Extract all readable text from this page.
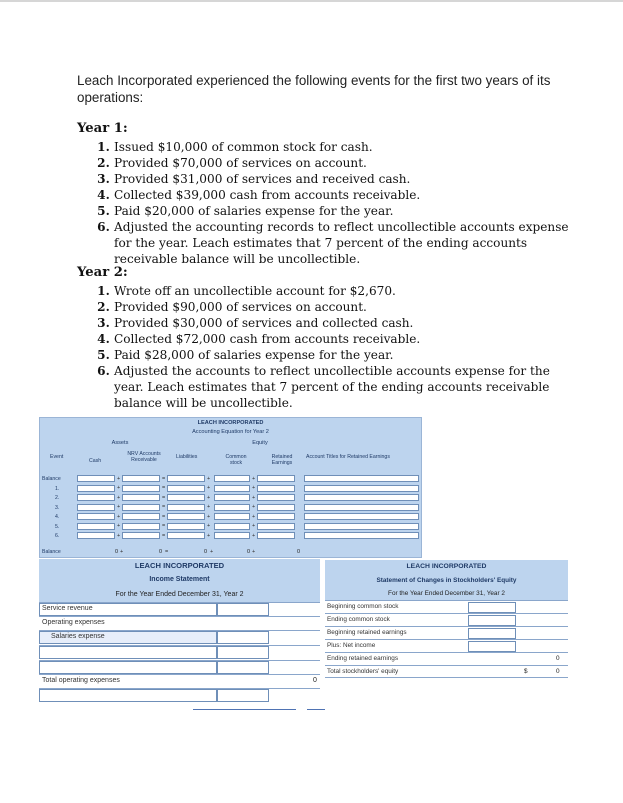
Leach Incorporated experienced the following events for the first two years of its operations:
Year 1:
1. Issued $10,000 of common stock for cash.
2. Provided $70,000 of services on account.
3. Provided $31,000 of services and received cash.
4. Collected $39,000 cash from accounts receivable.
5. Paid $20,000 of salaries expense for the year.
6. Adjusted the accounting records to reflect uncollectible accounts expense for the year. Leach estimates that 7 percent of the ending accounts receivable balance will be uncollectible.
Year 2:
1. Wrote off an uncollectible account for $2,670.
2. Provided $90,000 of services on account.
3. Provided $30,000 of services and collected cash.
4. Collected $72,000 cash from accounts receivable.
5. Paid $28,000 of salaries expense for the year.
6. Adjusted the accounts to reflect uncollectible accounts expense for the year. Leach estimates that 7 percent of the ending accounts receivable balance will be uncollectible.
LEACH INCORPORATED
Accounting Equation for Year 2
Assets	Equity
Event
Cash
NRV Accounts Receivable	Liabilities	Common stock
Retained Earnings
Account Titles for Retained Earnings
Balance	+	=	+	+
1.	+	=	+	+
2.	+	=	+	+
3.	+	=	+	+
4.	+	=	+	+
5.	+	=	+	+
6.	+	=	+	+
Balance	0 +	0 =	0 +	0 +	0
LEACH INCORPORATED
Income Statement
For the Year Ended December 31, Year 2
Service revenue
Operating expenses
Salaries expense
Total operating expenses	0
LEACH INCORPORATED
Statement of Changes in Stockholders' Equity
For the Year Ended December 31, Year 2
Beginning common stock
Ending common stock
Beginning retained earnings
Plus: Net income
Ending retained earnings	0
Total stockholders' equity	$	0
